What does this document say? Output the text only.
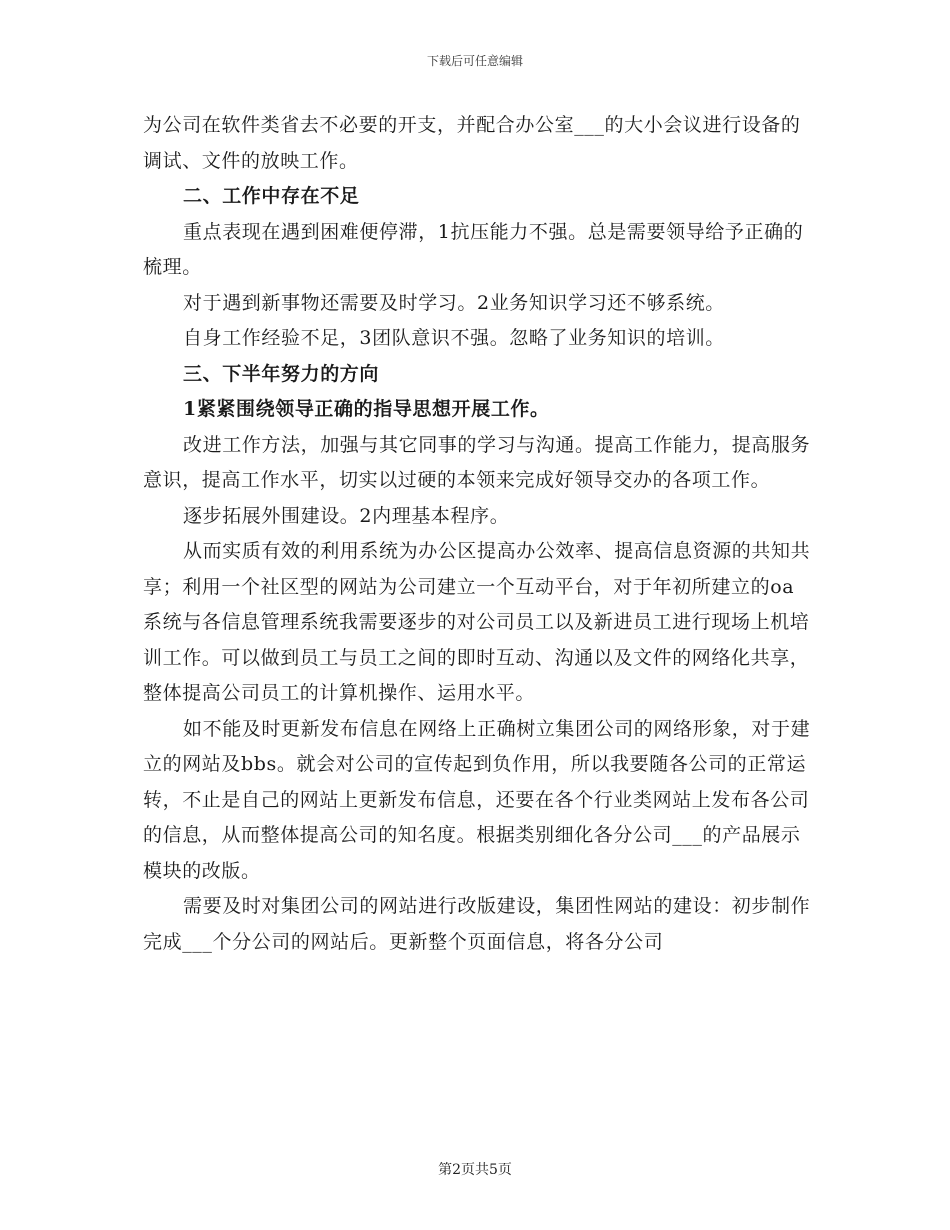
下载后可任意编辑

为公司在软件类省去不必要的开支，并配合办公室___的大小会议进行设备的调试、文件的放映工作。

二、工作中存在不足

重点表现在遇到困难便停滞，1抗压能力不强。总是需要领导给予正确的梳理。

对于遇到新事物还需要及时学习。2业务知识学习还不够系统。

自身工作经验不足，3团队意识不强。忽略了业务知识的培训。

三、下半年努力的方向

1紧紧围绕领导正确的指导思想开展工作。

改进工作方法，加强与其它同事的学习与沟通。提高工作能力，提高服务意识，提高工作水平，切实以过硬的本领来完成好领导交办的各项工作。

逐步拓展外围建设。2内理基本程序。

从而实质有效的利用系统为办公区提高办公效率、提高信息资源的共知共享；利用一个社区型的网站为公司建立一个互动平台，对于年初所建立的oa系统与各信息管理系统我需要逐步的对公司员工以及新进员工进行现场上机培训工作。可以做到员工与员工之间的即时互动、沟通以及文件的网络化共享，整体提高公司员工的计算机操作、运用水平。

如不能及时更新发布信息在网络上正确树立集团公司的网络形象，对于建立的网站及bbs。就会对公司的宣传起到负作用，所以我要随各公司的正常运转，不止是自己的网站上更新发布信息，还要在各个行业类网站上发布各公司的信息，从而整体提高公司的知名度。根据类别细化各分公司___的产品展示模块的改版。

需要及时对集团公司的网站进行改版建设，集团性网站的建设：初步制作完成___个分公司的网站后。更新整个页面信息，将各分公司

第2页共5页
